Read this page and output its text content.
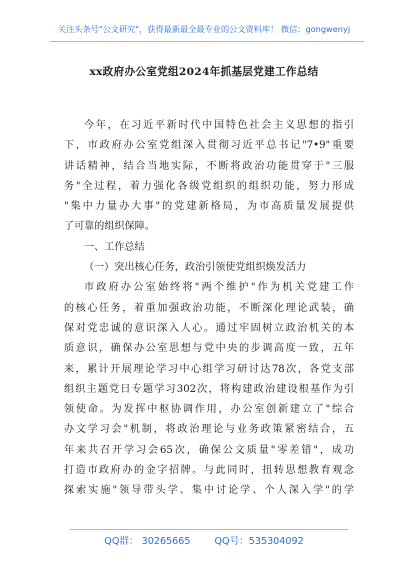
关注头条号"公文研究"，获得最新最全最专业的公文资料库！ 微信：gongwenyj
xx政府办公室党组2024年抓基层党建工作总结
今年，在习近平新时代中国特色社会主义思想的指引
下，市政府办公室党组深入贯彻习近平总书记"7•9"重要
讲话精神，结合当地实际，不断将政治功能贯穿于"三服
务"全过程，着力强化各级党组织的组织功能，努力形成
"集中力量办大事"的党建新格局，为市高质量发展提供
了可靠的组织保障。
一、工作总结
（一）突出核心任务，政治引领使党组织焕发活力
市政府办公室始终将"两个维护"作为机关党建工作
的核心任务，着重加强政治功能，不断深化理论武装，确
保对党忠诚的意识深入人心。通过牢固树立政治机关的本
质意识，确保办公室思想与党中央的步调高度一致，五年
来，累计开展理论学习中心组学习研讨达78次，各党支部
组织主题党日专题学习302次，将构建政治建设根基作为引
领使命。为发挥中枢协调作用，办公室创新建立了"综合
办文学习会"机制，将政治理论与业务政策紧密结合，五
年来共召开学习会65次，确保公文质量"零差错"，成功
打造市政府办的金字招牌。与此同时，扭转思想教育观念
探索实施"领导带头学、集中讨论学、个人深入学"的学
QQ群： 30265665	QQ号：535304092
